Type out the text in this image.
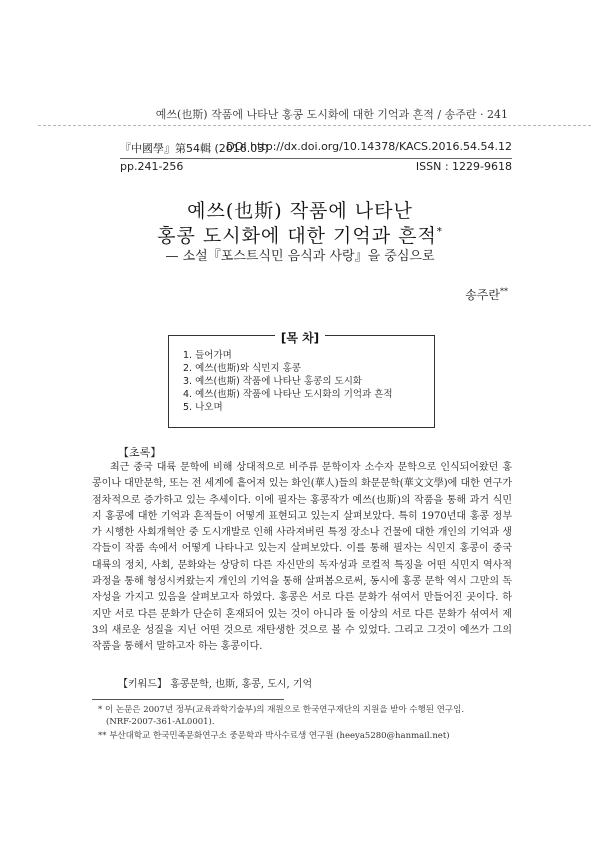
예쓰(也斯) 작품에 나타난 홍콩 도시화에 대한 기억과 흔적 / 송주란 · 241
『中國學』第54輯 (2016.03)
pp.241-256
DOI http://dx.doi.org/10.14378/KACS.2016.54.54.12
ISSN : 1229-9618
예쓰(也斯) 작품에 나타난
홍콩 도시화에 대한 기억과 흔적*
— 소설『포스트식민 음식과 사랑』을 중심으로
송주란**
[목 차]
1. 들어가며
2. 예쓰(也斯)와 식민지 홍콩
3. 예쓰(也斯) 작품에 나타난 홍콩의 도시화
4. 예쓰(也斯) 작품에 나타난 도시화의 기억과 흔적
5. 나오며
【초록】

최근 중국 대륙 문학에 비해 상대적으로 비주류 문학이자 소수자 문학으로 인식되어왔던 홍콩이나 대만문학, 또는 전 세계에 흩어져 있는 화인(華人)들의 화문문학(華文文學)에 대한 연구가 점차적으로 증가하고 있는 추세이다. 이에 필자는 홍콩작가 예쓰(也斯)의 작품을 통해 과거 식민지 홍콩에 대한 기억과 흔적들이 어떻게 표현되고 있는지 살펴보았다. 특히 1970년대 홍콩 정부가 시행한 사회개혁안 중 도시개발로 인해 사라져버린 특정 장소나 건물에 대한 개인의 기억과 생각들이 작품 속에서 어떻게 나타나고 있는지 살펴보았다. 이를 통해 필자는 식민지 홍콩이 중국 대륙의 정치, 사회, 문화와는 상당히 다른 자신만의 독자성과 로컬적 특징을 어떤 식민지 역사적 과정을 통해 형성시켜왔는지 개인의 기억을 통해 살펴봄으로써, 동시에 홍콩 문학 역시 그만의 독자성을 가지고 있음을 살펴보고자 하였다. 홍콩은 서로 다른 문화가 섞여서 만들어진 곳이다. 하지만 서로 다른 문화가 단순히 혼재되어 있는 것이 아니라 둘 이상의 서로 다른 문화가 섞여서 제3의 새로운 성질을 지닌 어떤 것으로 재탄생한 것으로 볼 수 있었다. 그리고 그것이 예쓰가 그의 작품을 통해서 말하고자 하는 홍콩이다.

【키워드】 홍콩문학, 也斯, 홍콩, 도시, 기억
* 이 논문은 2007년 정부(교육과학기술부)의 재원으로 한국연구재단의 지원을 받아 수행된 연구임.
(NRF-2007-361-AL0001).
** 부산대학교 한국민족문화연구소 중문학과 박사수료생 연구원 (heeya5280@hanmail.net)
